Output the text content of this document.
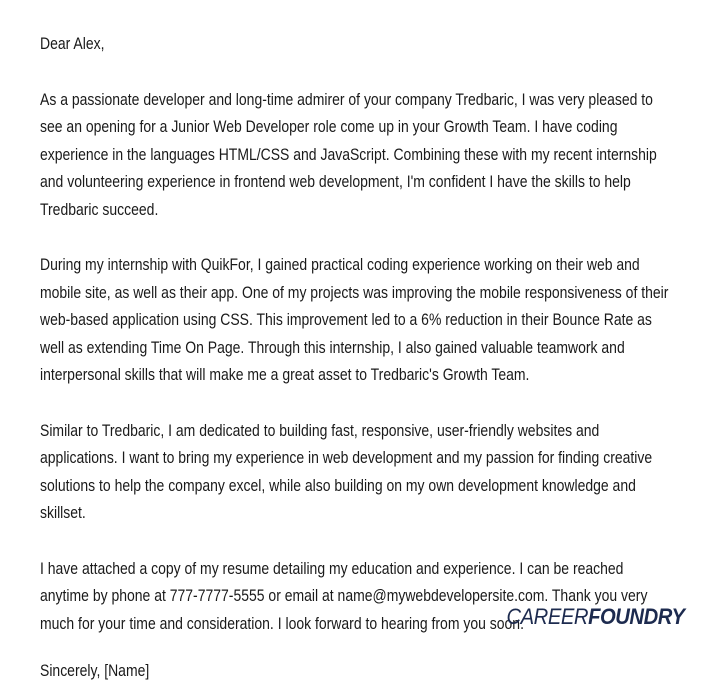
Dear Alex,

As a passionate developer and long-time admirer of your company Tredbaric, I was very pleased to see an opening for a Junior Web Developer role come up in your Growth Team. I have coding experience in the languages HTML/CSS and JavaScript. Combining these with my recent internship and volunteering experience in frontend web development, I'm confident I have the skills to help Tredbaric succeed.

During my internship with QuikFor, I gained practical coding experience working on their web and mobile site, as well as their app. One of my projects was improving the mobile responsiveness of their web-based application using CSS. This improvement led to a 6% reduction in their Bounce Rate as well as extending Time On Page. Through this internship, I also gained valuable teamwork and interpersonal skills that will make me a great asset to Tredbaric's Growth Team.

Similar to Tredbaric, I am dedicated to building fast, responsive, user-friendly websites and applications. I want to bring my experience in web development and my passion for finding creative solutions to help the company excel, while also building on my own development knowledge and skillset.

I have attached a copy of my resume detailing my education and experience. I can be reached anytime by phone at 777-7777-5555 or email at name@mywebdevelopersite.com. Thank you very much for your time and consideration. I look forward to hearing from you soon.

Sincerely, [Name]

CAREERFOUNDRY
